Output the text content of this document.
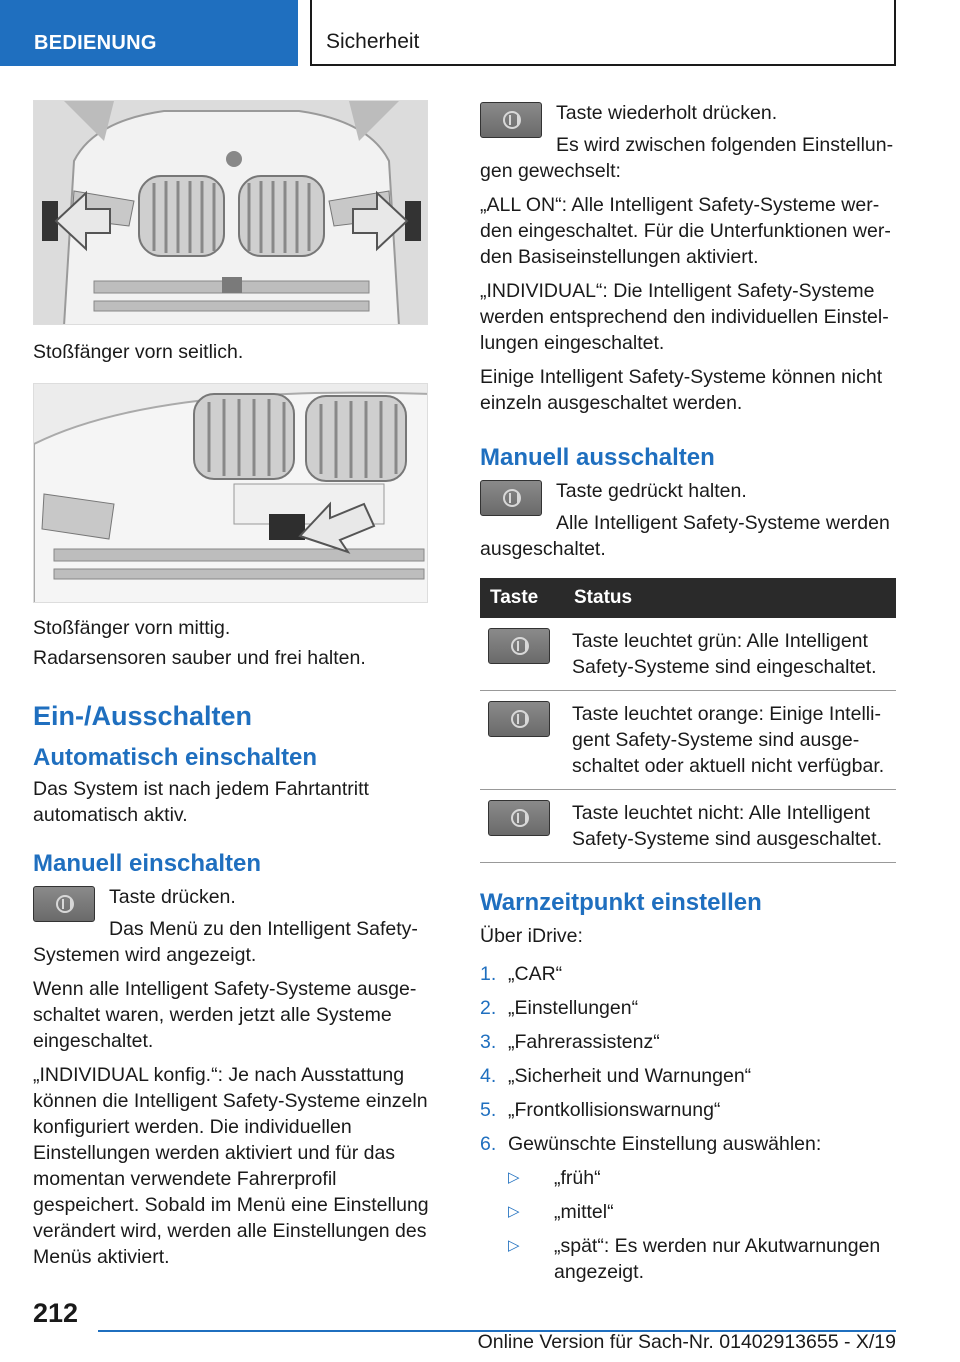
BEDIENUNG	Sicherheit

Stoßfänger vorn seitlich.

Stoßfänger vorn mittig.

Radarsensoren sauber und frei halten.

Ein-/Ausschalten
Automatisch einschalten

Das System ist nach jedem Fahrtantritt automatisch aktiv.

Manuell einschalten

Taste drücken.

Das Menü zu den Intelligent Safety-Systemen wird angezeigt.

Wenn alle Intelligent Safety-Systeme ausgeschaltet waren, werden jetzt alle Systeme eingeschaltet.

„INDIVIDUAL konfig.“: Je nach Ausstattung können die Intelligent Safety-Systeme einzeln konfiguriert werden. Die individuellen Einstellungen werden aktiviert und für das momentan verwendete Fahrerprofil gespeichert. Sobald im Menü eine Einstellung verändert wird, werden alle Einstellungen des Menüs aktiviert.

Taste wiederholt drücken.

Es wird zwischen folgenden Einstellungen gewechselt:

„ALL ON“: Alle Intelligent Safety-Systeme werden eingeschaltet. Für die Unterfunktionen werden Basiseinstellungen aktiviert.

„INDIVIDUAL“: Die Intelligent Safety-Systeme werden entsprechend den individuellen Einstellungen eingeschaltet.

Einige Intelligent Safety-Systeme können nicht einzeln ausgeschaltet werden.

Manuell ausschalten

Taste gedrückt halten.

Alle Intelligent Safety-Systeme werden ausgeschaltet.

Taste	Status

	Taste leuchtet grün: Alle Intelligent Safety-Systeme sind eingeschaltet.

	Taste leuchtet orange: Einige Intelligent Safety-Systeme sind ausgeschaltet oder aktuell nicht verfügbar.

	Taste leuchtet nicht: Alle Intelligent Safety-Systeme sind ausgeschaltet.
Warnzeitpunkt einstellen

Über iDrive:

1. „CAR“
2. „Einstellungen“
3. „Fahrerassistenz“
4. „Sicherheit und Warnungen“
5. „Frontkollisionswarnung“
6. Gewünschte Einstellung auswählen:
▷ „früh“
▷ „mittel“
▷ „spät“: Es werden nur Akutwarnungen angezeigt.
212
Online Version für Sach-Nr. 01402913655 - X/19
